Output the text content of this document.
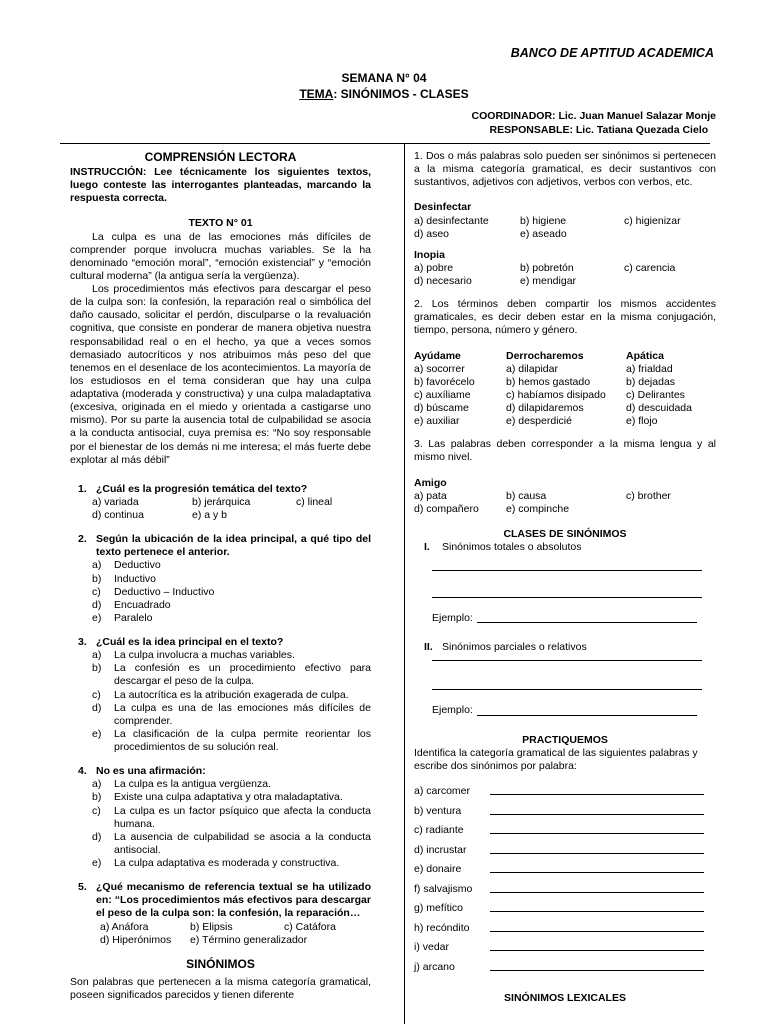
BANCO DE APTITUD ACADEMICA
SEMANA N° 04
TEMA: SINÓNIMOS - CLASES
COORDINADOR: Lic. Juan Manuel Salazar Monje
RESPONSABLE: Lic. Tatiana Quezada Cielo
COMPRENSIÓN LECTORA
INSTRUCCIÓN: Lee técnicamente los siguientes textos, luego conteste las interrogantes planteadas, marcando la respuesta correcta.
TEXTO N° 01
La culpa es una de las emociones más difíciles de comprender porque involucra muchas variables. Se la ha denominado “emoción moral”, “emoción existencial” y “emoción cultural moderna” (la antigua sería la vergüenza).
Los procedimientos más efectivos para descargar el peso de la culpa son: la confesión, la reparación real o simbólica del daño causado, solicitar el perdón, disculparse o la revaluación cognitiva, que consiste en ponderar de manera objetiva nuestra responsabilidad real o en el hecho, ya que a veces somos demasiado autocríticos y nos atribuimos más peso del que tenemos en el desenlace de los acontecimientos. La mayoría de los estudiosos en el tema consideran que hay una culpa adaptativa (moderada y constructiva) y una culpa maladaptativa (excesiva, originada en el miedo y orientada a castigarse uno mismo). Por su parte la ausencia total de culpabilidad se asocia a la conducta antisocial, cuya premisa es: “No soy responsable por el bienestar de los demás ni me interesa; el más fuerte debe explotar al más débil”
1. ¿Cuál es la progresión temática del texto?
a) variada	b) jerárquica	c) lineal
d) continua	e) a y b
2. Según la ubicación de la idea principal, a qué tipo del texto pertenece el anterior.
a)	Deductivo
b)	Inductivo
c)	Deductivo – Inductivo
d)	Encuadrado
e)	Paralelo
3. ¿Cuál es la idea principal en el texto?
a)	La culpa involucra a muchas variables.
b)	La confesión es un procedimiento efectivo para descargar el peso de la culpa.
c)	La autocrítica es la atribución exagerada de culpa.
d)	La culpa es una de las emociones más difíciles de comprender.
e)	La clasificación de la culpa permite reorientar los procedimientos de su solución real.
4. No es una afirmación:
a)	La culpa es la antigua vergüenza.
b)	Existe una culpa adaptativa y otra maladaptativa.
c)	La culpa es un factor psíquico que afecta la conducta humana.
d)	La ausencia de culpabilidad se asocia a la conducta antisocial.
e)	La culpa adaptativa es moderada y constructiva.
5. ¿Qué mecanismo de referencia textual se ha utilizado en: “Los procedimientos más efectivos para descargar el peso de la culpa son: la confesión, la reparación…
a) Anáfora	b) Elipsis	c) Catáfora
d) Hiperónimos	e) Término generalizador
SINÓNIMOS
Son palabras que pertenecen a la misma categoría gramatical, poseen significados parecidos y tienen diferente
1. Dos o más palabras solo pueden ser sinónimos si pertenecen a la misma categoría gramatical, es decir sustantivos con sustantivos, adjetivos con adjetivos, verbos con verbos, etc.
Desinfectar
a) desinfectante	b) higiene	c) higienizar
d) aseo	e) aseado
Inopia
a) pobre	b) pobretón	c) carencia
d) necesario	e) mendigar
2. Los términos deben compartir los mismos accidentes gramaticales, es decir deben estar en la misma conjugación, tiempo, persona, número y género.
Ayúdame	Derrocharemos	Apática
a) socorrer	a) dilapidar	a) frialdad
b) favorécelo	b) hemos gastado	b) dejadas
c) auxíliame	c) habíamos disipado	c) Delirantes
d) búscame	d) dilapidaremos	d) descuidada
e) auxiliar	e) desperdicié	e) flojo
3. Las palabras deben corresponder a la misma lengua y al mismo nivel.
Amigo
a) pata	b) causa	c) brother
d) compañero	e) compinche
CLASES DE SINÓNIMOS
I.	Sinónimos totales o absolutos
Ejemplo:
II. Sinónimos parciales o relativos
Ejemplo:
PRACTIQUEMOS
Identifica la categoría gramatical de las siguientes palabras y escribe dos sinónimos por palabra:
a) carcomer
b) ventura
c) radiante
d) incrustar
e) donaire
f) salvajismo
g) mefítico
h) recóndito
i) vedar
j) arcano
SINÓNIMOS LEXICALES
